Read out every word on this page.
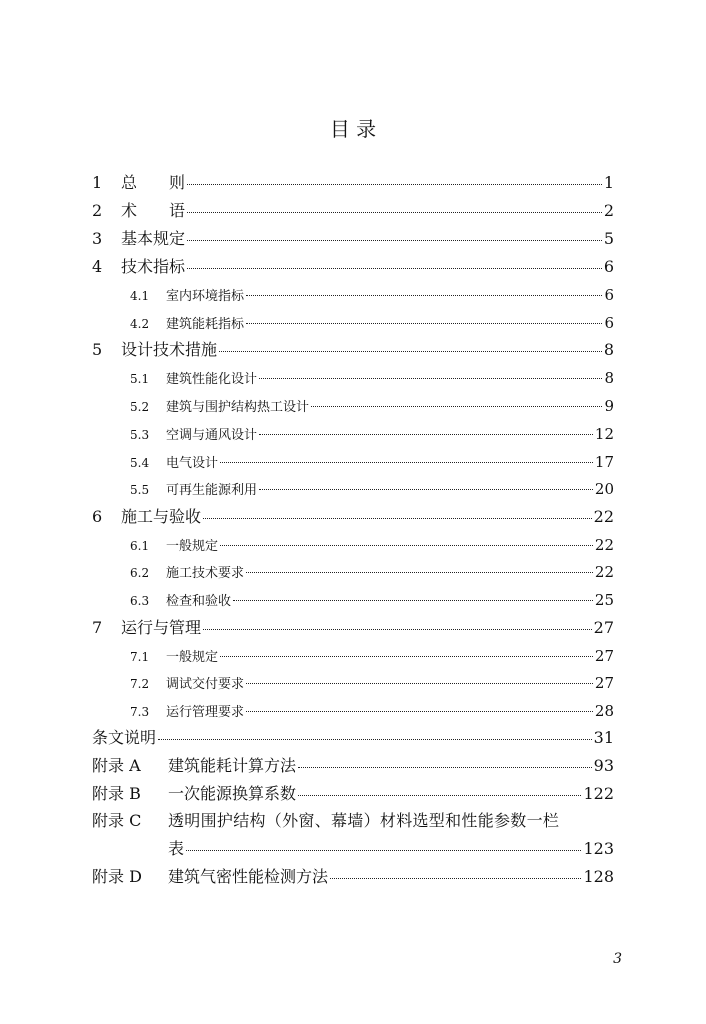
目 录
1	总　　则	1
2	术　　语	2
3	基本规定	5
4	技术指标	6
4.1	室内环境指标	6
4.2	建筑能耗指标	6
5	设计技术措施	8
5.1	建筑性能化设计	8
5.2	建筑与围护结构热工设计	9
5.3	空调与通风设计	12
5.4	电气设计	17
5.5	可再生能源利用	20
6	施工与验收	22
6.1	一般规定	22
6.2	施工技术要求	22
6.3	检查和验收	25
7	运行与管理	27
7.1	一般规定	27
7.2	调试交付要求	27
7.3	运行管理要求	28
条文说明	31
附录 A	建筑能耗计算方法	93
附录 B	一次能源换算系数	122
附录 C	透明围护结构（外窗、幕墙）材料选型和性能参数一栏
表	123
附录 D	建筑气密性能检测方法	128
3
